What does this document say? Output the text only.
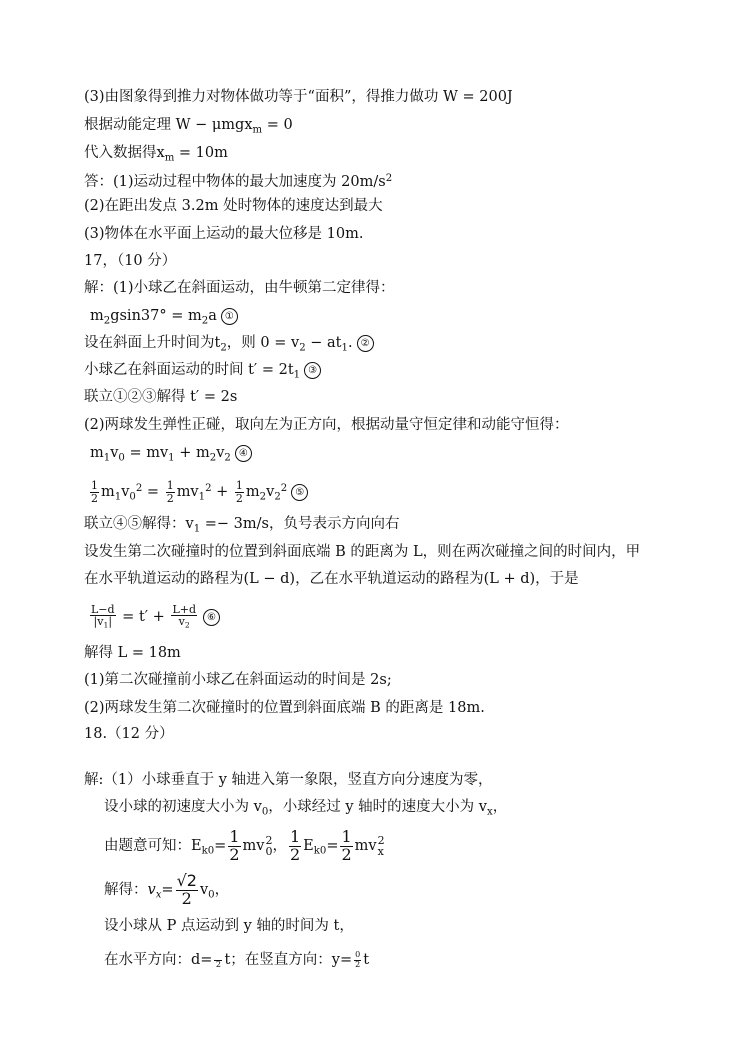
(3)由图象得到推力对物体做功等于“面积”，得推力做功 W = 200J
根据动能定理 W − μmgx$_m$ = 0
代入数据得$x_m = 10m$
答：(1)运动过程中物体的最大加速度为 $20m/s^2$
(2)在距出发点 3.2m 处时物体的速度达到最大
(3)物体在水平面上运动的最大位移是 10m.
17，（10 分）
解：(1)小球乙在斜面运动，由牛顿第二定律得：
$m_2gsin37^\circ = m_2a$ ①
设在斜面上升时间为$t_2$，则 $0 = v_2 - at_1$. ②
小球乙在斜面运动的时间 $t' = 2t_1$ ③
联立①②③解得 t′ = 2s
(2)两球发生弹性正碰，取向左为正方向，根据动量守恒定律和动能守恒得：
$m_1v_0 = mv_1 + m_2v_2$ ④
$\frac{1}{2} m_1v_0^2 = \frac{1}{2} mv_1^2 + \frac{1}{2} m_2v_2^2$ ⑤
联立④⑤解得：$v_1 =- 3m/s$，负号表示方向向右
设发生第二次碰撞时的位置到斜面底端 B 的距离为 L，则在两次碰撞之间的时间内，甲
在水平轨道运动的路程为(L − d)，乙在水平轨道运动的路程为(L + d)，于是
$\frac{L-d}{|v_1|} = t' + \frac{L+d}{v_2}$ ⑥
解得 L = 18m
(1)第二次碰撞前小球乙在斜面运动的时间是 2s;
(2)两球发生第二次碰撞时的位置到斜面底端 B 的距离是 18m.
18.（12 分）
解:（1）小球垂直于 y 轴进入第一象限，竖直方向分速度为零，
设小球的初速度大小为 $v_0$，小球经过 y 轴时的速度大小为 $v_x$，
由题意可知：$E_{k0}= \frac{1}{2}$ mv 2
0 ， $\frac{1}{2} E_{k0}= \frac{1}{2}$ mv 2
x
解得：$v_x= \frac{√2}{2} v_0$，
设小球从 P 点运动到 y 轴的时间为 t，
在水平方向：d=
2 t；在竖直方向：$y= \frac{0}{2}$ t
